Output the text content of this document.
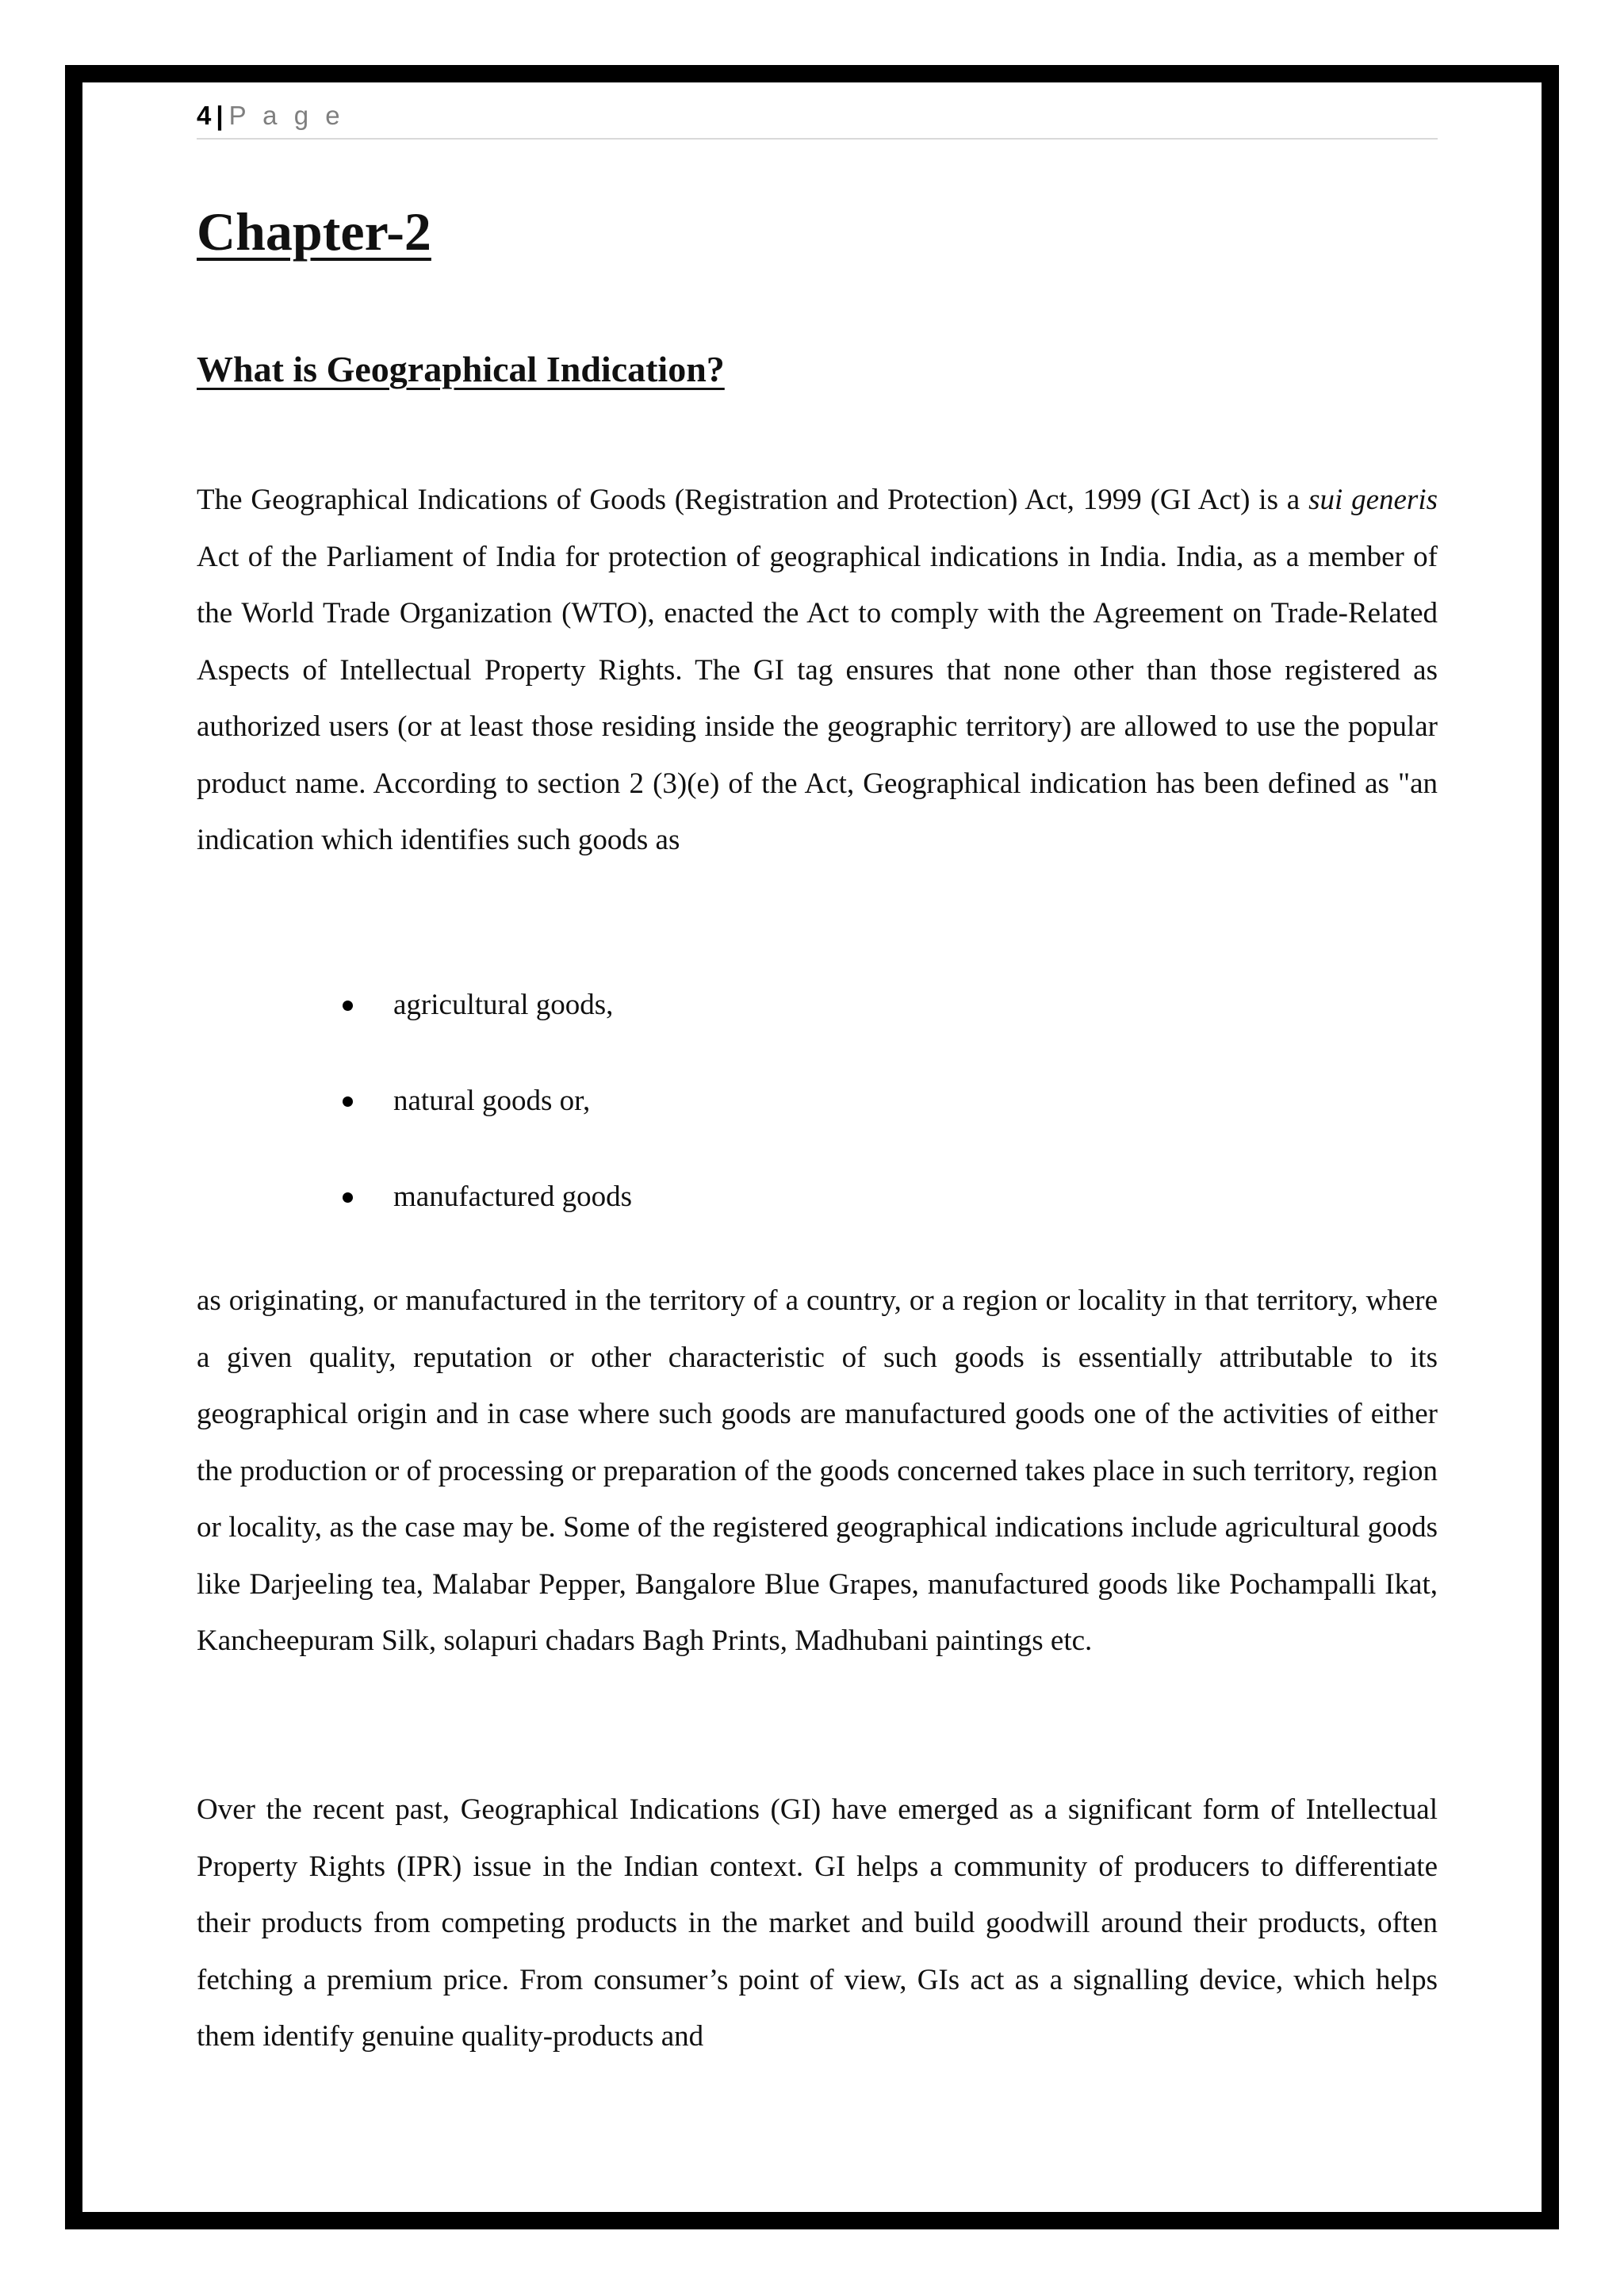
4 | P a g e
Chapter-2
What is Geographical Indication?

The Geographical Indications of Goods (Registration and Protection) Act, 1999 (GI Act) is a sui generis Act of the Parliament of India for protection of geographical indications in India. India, as a member of the World Trade Organization (WTO), enacted the Act to comply with the Agreement on Trade-Related Aspects of Intellectual Property Rights. The GI tag ensures that none other than those registered as authorized users (or at least those residing inside the geographic territory) are allowed to use the popular product name. According to section 2 (3)(e) of the Act, Geographical indication has been defined as "an indication which identifies such goods as

agricultural goods,
natural goods or,
manufactured goods

as originating, or manufactured in the territory of a country, or a region or locality in that territory, where a given quality, reputation or other characteristic of such goods is essentially attributable to its geographical origin and in case where such goods are manufactured goods one of the activities of either the production or of processing or preparation of the goods concerned takes place in such territory, region or locality, as the case may be. Some of the registered geographical indications include agricultural goods like Darjeeling tea, Malabar Pepper, Bangalore Blue Grapes, manufactured goods like Pochampalli Ikat, Kancheepuram Silk, solapuri chadars Bagh Prints, Madhubani paintings etc.

Over the recent past, Geographical Indications (GI) have emerged as a significant form of Intellectual Property Rights (IPR) issue in the Indian context. GI helps a community of producers to differentiate their products from competing products in the market and build goodwill around their products, often fetching a premium price. From consumer’s point of view, GIs act as a signalling device, which helps them identify genuine quality-products and
